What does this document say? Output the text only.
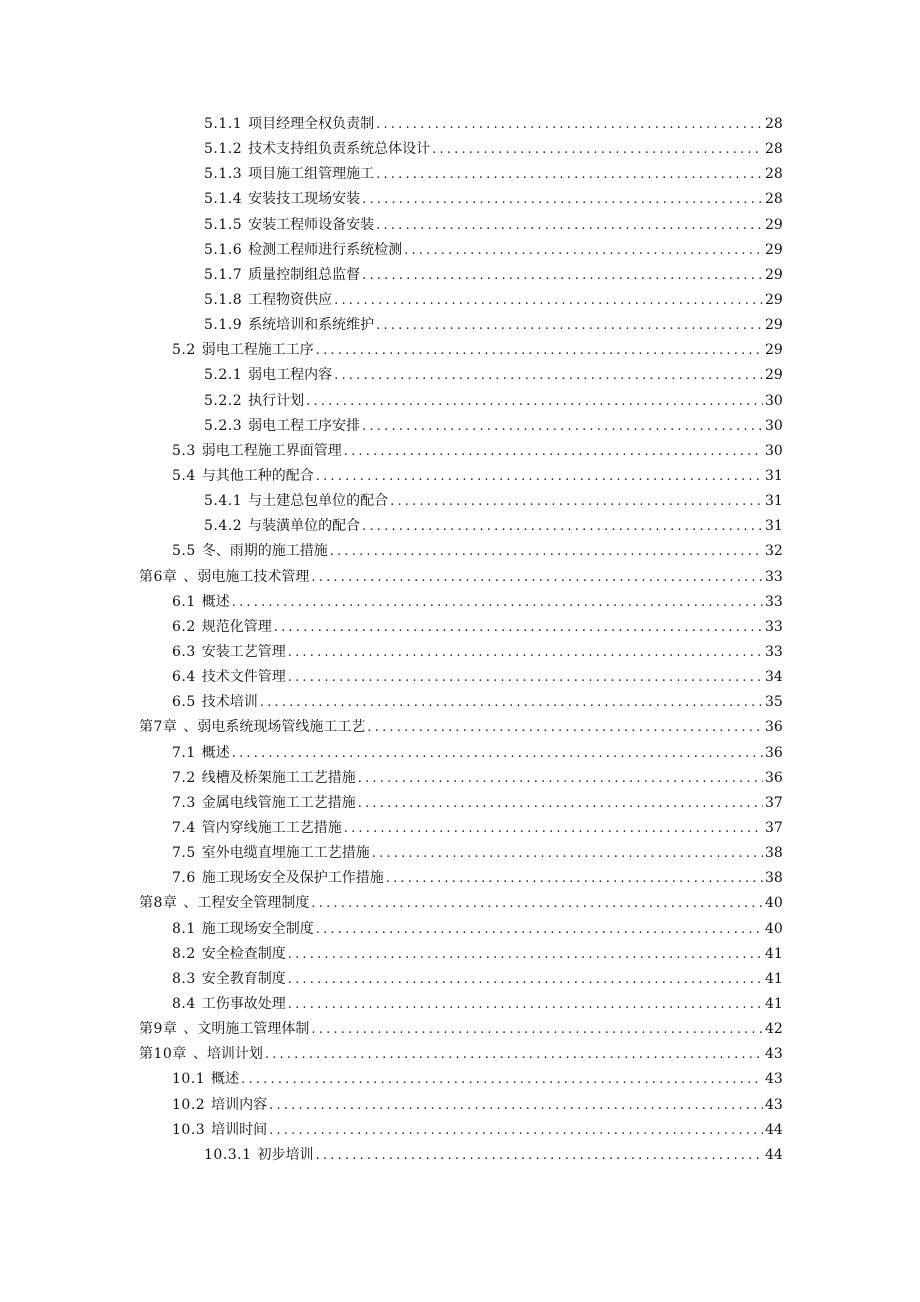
5.1.1 项目经理全权负责制 .....	28
5.1.2 技术支持组负责系统总体设计 .....	28
5.1.3 项目施工组管理施工 .....	28
5.1.4 安装技工现场安装 .....	28
5.1.5 安装工程师设备安装 .....	29
5.1.6 检测工程师进行系统检测 .....	29
5.1.7 质量控制组总监督 .....	29
5.1.8 工程物资供应 .....	29
5.1.9 系统培训和系统维护 .....	29
5.2 弱电工程施工工序 .....	29
5.2.1 弱电工程内容 .....	29
5.2.2 执行计划 .....	30
5.2.3 弱电工程工序安排 .....	30
5.3 弱电工程施工界面管理 .....	30
5.4 与其他工种的配合 .....	31
5.4.1 与土建总包单位的配合 .....	31
5.4.2 与装潢单位的配合 .....	31
5.5 冬、雨期的施工措施 .....	32
第6章 、弱电施工技术管理 .....	33
6.1 概述 .....	33
6.2 规范化管理 .....	33
6.3 安装工艺管理 .....	33
6.4 技术文件管理 .....	34
6.5 技术培训 .....	35
第7章 、弱电系统现场管线施工工艺 .....	36
7.1 概述 .....	36
7.2 线槽及桥架施工工艺措施 .....	36
7.3 金属电线管施工工艺措施 .....	37
7.4 管内穿线施工工艺措施 .....	37
7.5 室外电缆直埋施工工艺措施 .....	38
7.6 施工现场安全及保护工作措施 .....	38
第8章 、工程安全管理制度 .....	40
8.1 施工现场安全制度 .....	40
8.2 安全检查制度 .....	41
8.3 安全教育制度 .....	41
8.4 工伤事故处理 .....	41
第9章 、文明施工管理体制 .....	42
第10章 、培训计划 .....	43
10.1 概述 .....	43
10.2 培训内容 .....	43
10.3 培训时间 .....	44
10.3.1 初步培训 .....	44
